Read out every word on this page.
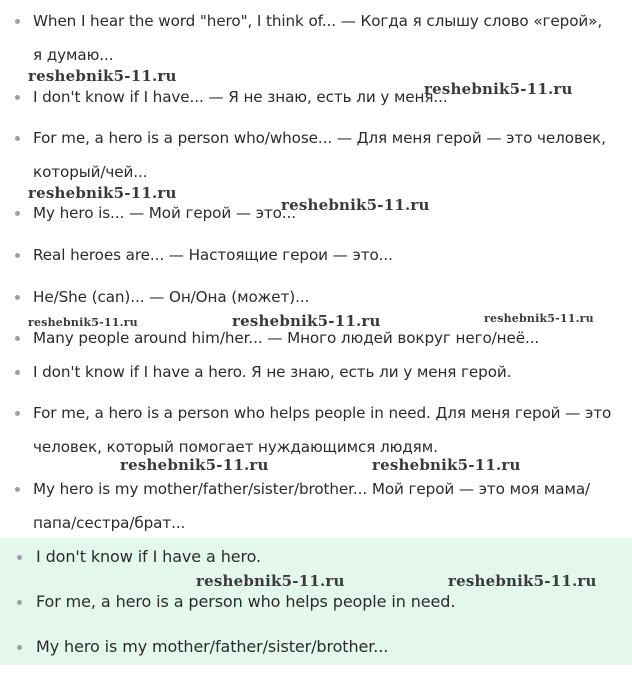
When I hear the word "hero", I think of... — Когда я слышу слово «герой», я думаю...
I don't know if I have... — Я не знаю, есть ли у меня...
For me, a hero is a person who/whose... — Для меня герой — это человек, который/чей...
My hero is... — Мой герой — это...
Real heroes are... — Настоящие герои — это...
He/She (can)... — Он/Она (может)...
Many people around him/her... — Много людей вокруг него/неё...
I don't know if I have a hero. Я не знаю, есть ли у меня герой.
For me, a hero is a person who helps people in need. Для меня герой — это человек, который помогает нуждающимся людям.
My hero is my mother/father/sister/brother... Мой герой — это моя мама/папа/сестра/брат...
I don't know if I have a hero.
For me, a hero is a person who helps people in need.
My hero is my mother/father/sister/brother...
reshebnik5-11.ru
reshebnik5-11.ru
reshebnik5-11.ru
reshebnik5-11.ru
reshebnik5-11.ru	reshebnik5-11.ru	reshebnik5-11.ru
reshebnik5-11.ru	reshebnik5-11.ru
reshebnik5-11.ru	reshebnik5-11.ru
